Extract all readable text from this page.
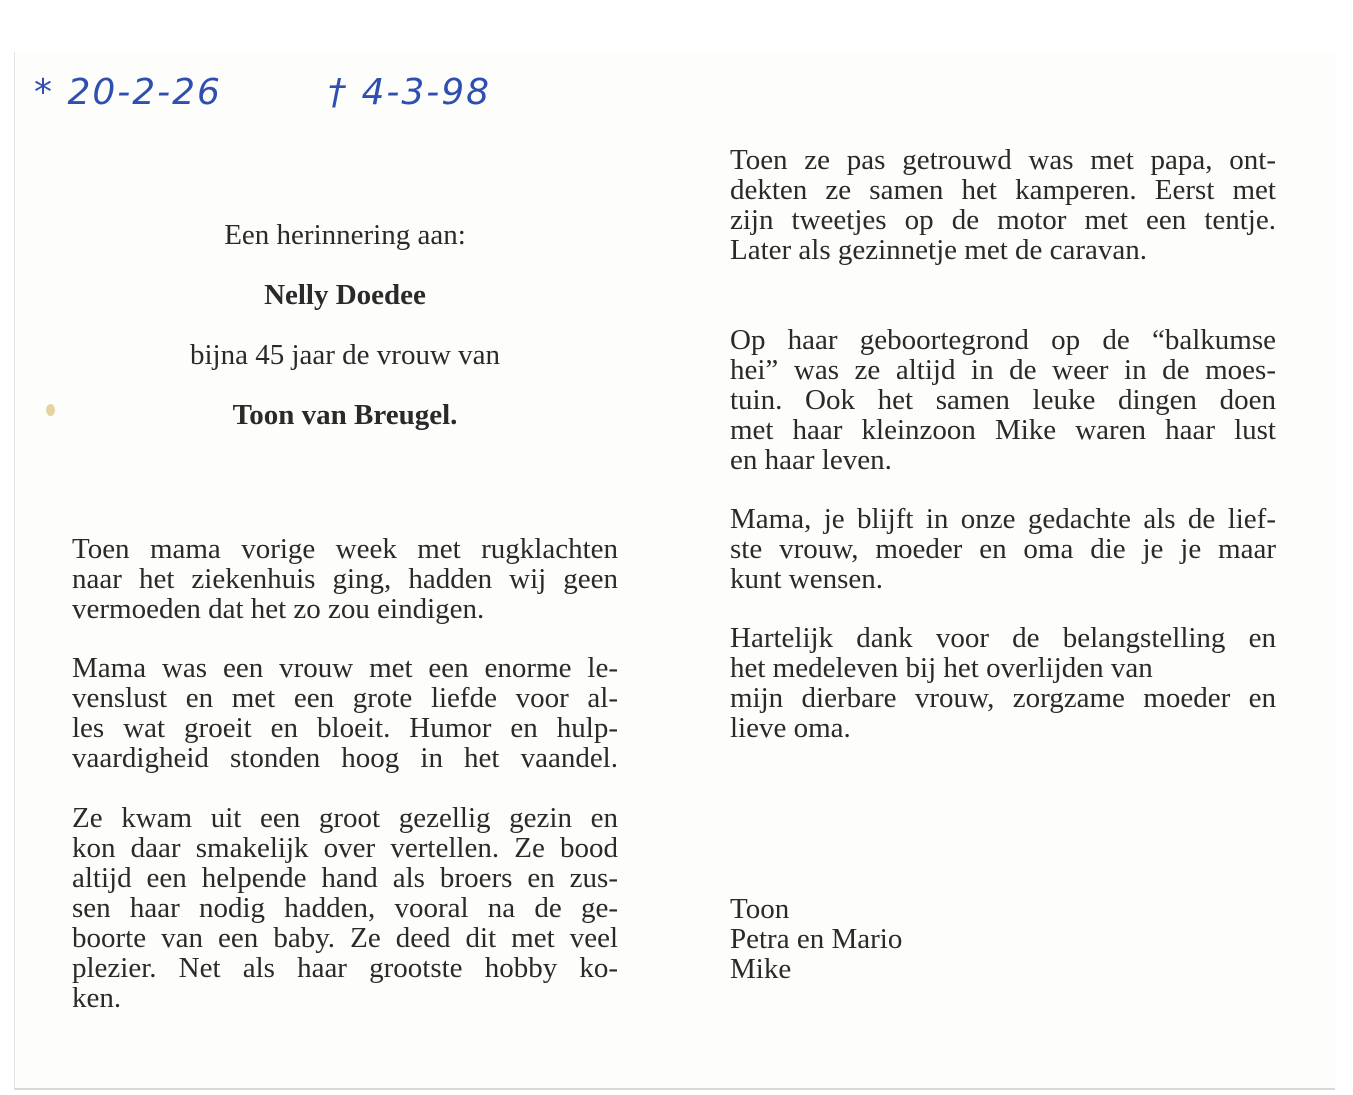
* 20-2-26	† 4-3-98
Een herinnering aan:
Nelly Doedee
bijna 45 jaar de vrouw van
Toon van Breugel.
Toen mama vorige week met rugklachten
naar het ziekenhuis ging, hadden wij geen
vermoeden dat het zo zou eindigen.
Mama was een vrouw met een enorme le-
venslust en met een grote liefde voor al-
les wat groeit en bloeit. Humor en hulp-
vaardigheid stonden hoog in het vaandel.
Ze kwam uit een groot gezellig gezin en
kon daar smakelijk over vertellen. Ze bood
altijd een helpende hand als broers en zus-
sen haar nodig hadden, vooral na de ge-
boorte van een baby. Ze deed dit met veel
plezier. Net als haar grootste hobby ko-
ken.
Toen ze pas getrouwd was met papa, ont-
dekten ze samen het kamperen. Eerst met
zijn tweetjes op de motor met een tentje.
Later als gezinnetje met de caravan.
Op haar geboortegrond op de “balkumse
hei” was ze altijd in de weer in de moes-
tuin. Ook het samen leuke dingen doen
met haar kleinzoon Mike waren haar lust
en haar leven.
Mama, je blijft in onze gedachte als de lief-
ste vrouw, moeder en oma die je je maar
kunt wensen.
Hartelijk dank voor de belangstelling en
het medeleven bij het overlijden van
mijn dierbare vrouw, zorgzame moeder en
lieve oma.
Toon
Petra en Mario
Mike
